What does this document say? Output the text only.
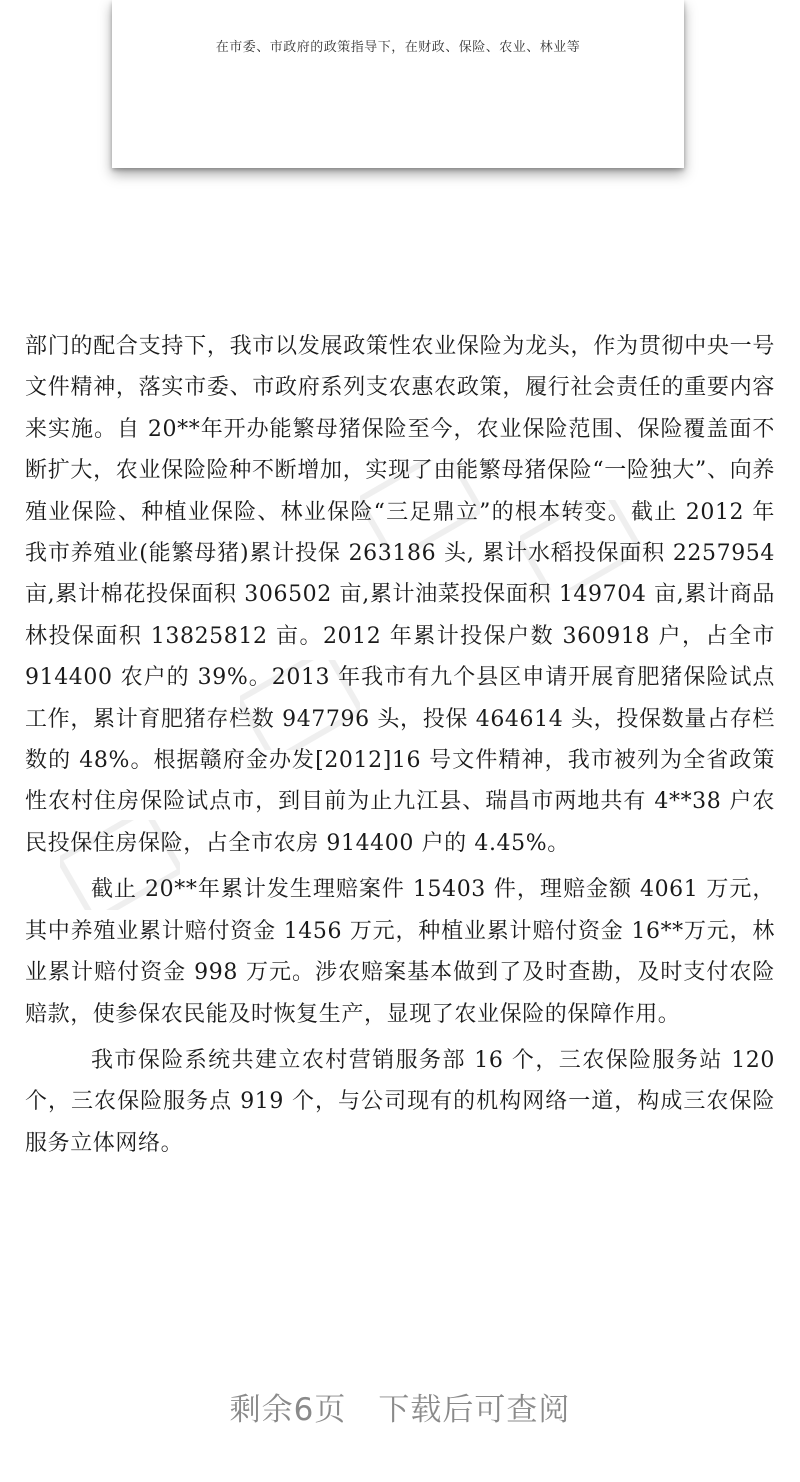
在市委、市政府的政策指导下，在财政、保险、农业、林业等

部门的配合支持下，我市以发展政策性农业保险为龙头，作为贯彻中央一号文件精神，落实市委、市政府系列支农惠农政策，履行社会责任的重要内容来实施。自 20**年开办能繁母猪保险至今，农业保险范围、保险覆盖面不断扩大，农业保险险种不断增加，实现了由能繁母猪保险“一险独大”、向养殖业保险、种植业保险、林业保险“三足鼎立”的根本转变。截止 2012 年我市养殖业(能繁母猪)累计投保 263186 头, 累计水稻投保面积 2257954 亩,累计棉花投保面积 306502 亩,累计油菜投保面积 149704 亩,累计商品林投保面积 13825812 亩。2012 年累计投保户数 360918 户，占全市 914400 农户的 39%。2013 年我市有九个县区申请开展育肥猪保险试点工作，累计育肥猪存栏数 947796 头，投保 464614 头，投保数量占存栏数的 48%。根据赣府金办发[2012]16 号文件精神，我市被列为全省政策性农村住房保险试点市，到目前为止九江县、瑞昌市两地共有 4**38 户农民投保住房保险，占全市农房 914400 户的 4.45%。

截止 20**年累计发生理赔案件 15403 件，理赔金额 4061 万元，其中养殖业累计赔付资金 1456 万元，种植业累计赔付资金 16**万元，林业累计赔付资金 998 万元。涉农赔案基本做到了及时查勘，及时支付农险赔款，使参保农民能及时恢复生产，显现了农业保险的保障作用。

我市保险系统共建立农村营销服务部 16 个，三农保险服务站 120 个，三农保险服务点 919 个，与公司现有的机构网络一道，构成三农保险服务立体网络。

剩余6页 下载后可查阅
